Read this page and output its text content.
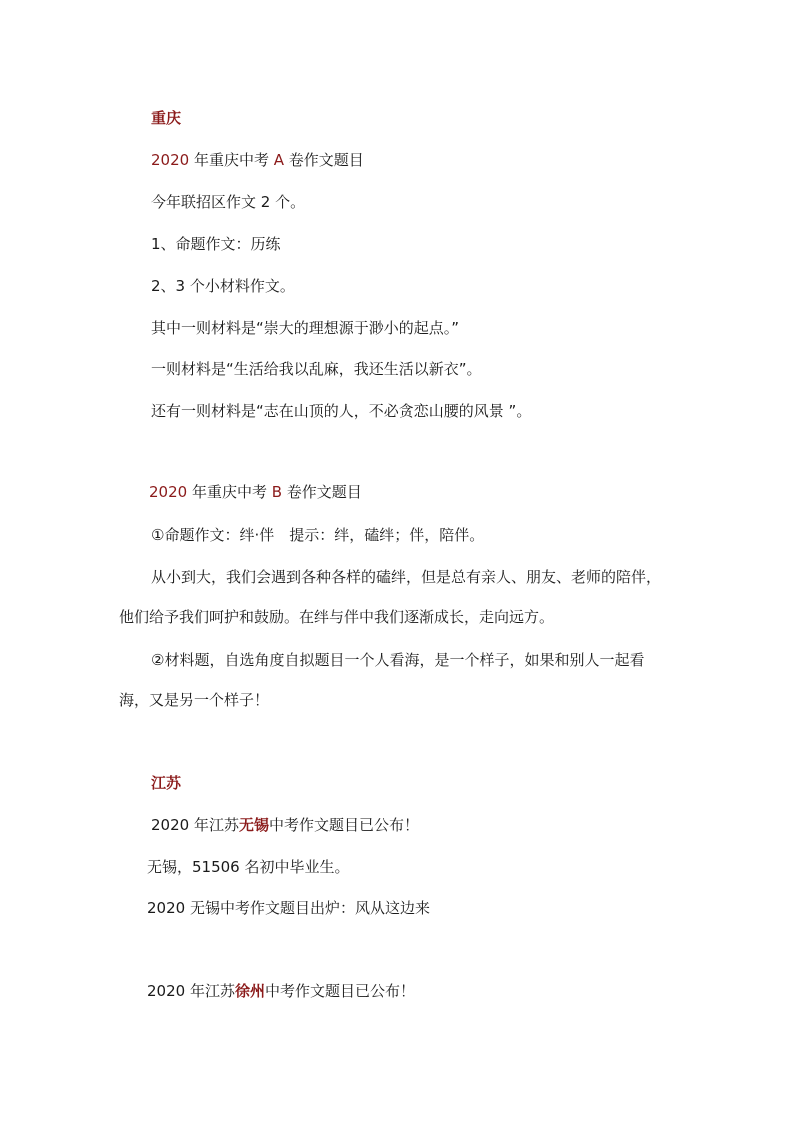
重庆
2020 年重庆中考 A 卷作文题目
今年联招区作文 2 个。
1、命题作文：历练
2、3 个小材料作文。
其中一则材料是“崇大的理想源于渺小的起点。”
一则材料是“生活给我以乱麻，我还生活以新衣”。
还有一则材料是“志在山顶的人，不必贪恋山腰的风景 ”。
2020 年重庆中考 B 卷作文题目
①命题作文：绊·伴　提示：绊，磕绊；伴，陪伴。
从小到大，我们会遇到各种各样的磕绊，但是总有亲人、朋友、老师的陪伴，
他们给予我们呵护和鼓励。在绊与伴中我们逐渐成长，走向远方。
②材料题，自选角度自拟题目一个人看海，是一个样子，如果和别人一起看
海，又是另一个样子！
江苏
2020 年江苏无锡中考作文题目已公布！
无锡，51506 名初中毕业生。
2020 无锡中考作文题目出炉：风从这边来
2020 年江苏徐州中考作文题目已公布！
